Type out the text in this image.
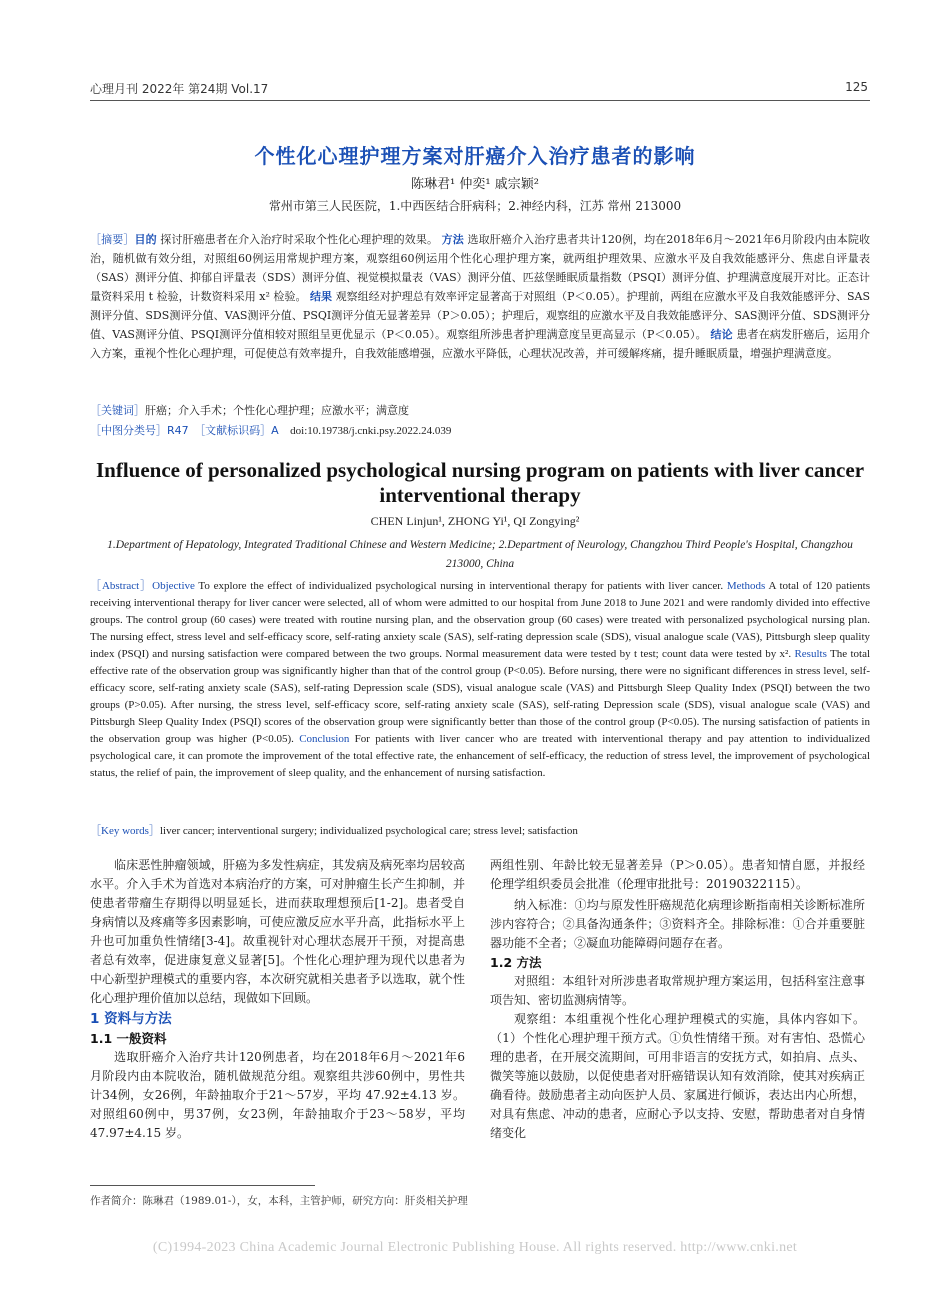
心理月刊 2022年 第24期 Vol.17	125
个性化心理护理方案对肝癌介入治疗患者的影响
陈琳君¹ 仲奕¹ 戚宗颖²
常州市第三人民医院，1.中西医结合肝病科；2.神经内科，江苏 常州 213000
［摘要］目的 探讨肝癌患者在介入治疗时采取个性化心理护理的效果。 方法 选取肝癌介入治疗患者共计120例，均在2018年6月～2021年6月阶段内由本院收治，随机做有效分组，对照组60例运用常规护理方案，观察组60例运用个性化心理护理方案，就两组护理效果、应激水平及自我效能感评分、焦虑自评量表（SAS）测评分值、抑郁自评量表（SDS）测评分值、视觉模拟量表（VAS）测评分值、匹兹堡睡眠质量指数（PSQI）测评分值、护理满意度展开对比。正态计量资料采用 t 检验，计数资料采用 x² 检验。 结果 观察组经对护理总有效率评定显著高于对照组（P＜0.05）。护理前，两组在应激水平及自我效能感评分、SAS测评分值、SDS测评分值、VAS测评分值、PSQI测评分值无显著差异（P＞0.05）；护理后，观察组的应激水平及自我效能感评分、SAS测评分值、SDS测评分值、VAS测评分值、PSQI测评分值相较对照组呈更优显示（P＜0.05）。观察组所涉患者护理满意度呈更高显示（P＜0.05）。 结论 患者在病发肝癌后，运用介入方案，重视个性化心理护理，可促使总有效率提升，自我效能感增强，应激水平降低，心理状况改善，并可缓解疼痛，提升睡眠质量，增强护理满意度。
［关键词］肝癌；介入手术；个性化心理护理；应激水平；满意度
［中图分类号］R47　［文献标识码］A doi:10.19738/j.cnki.psy.2022.24.039
Influence of personalized psychological nursing program on patients with liver cancer interventional therapy
CHEN Linjun¹, ZHONG Yi¹, QI Zongying²
1.Department of Hepatology, Integrated Traditional Chinese and Western Medicine; 2.Department of Neurology, Changzhou Third People's Hospital, Changzhou 213000, China
［Abstract］Objective To explore the effect of individualized psychological nursing in interventional therapy for patients with liver cancer. Methods A total of 120 patients receiving interventional therapy for liver cancer were selected, all of whom were admitted to our hospital from June 2018 to June 2021 and were randomly divided into effective groups. The control group (60 cases) were treated with routine nursing plan, and the observation group (60 cases) were treated with personalized psychological nursing plan. The nursing effect, stress level and self-efficacy score, self-rating anxiety scale (SAS), self-rating depression scale (SDS), visual analogue scale (VAS), Pittsburgh sleep quality index (PSQI) and nursing satisfaction were compared between the two groups. Normal measurement data were tested by t test; count data were tested by x². Results The total effective rate of the observation group was significantly higher than that of the control group (P<0.05). Before nursing, there were no significant differences in stress level, self-efficacy score, self-rating anxiety scale (SAS), self-rating Depression scale (SDS), visual analogue scale (VAS) and Pittsburgh Sleep Quality Index (PSQI) between the two groups (P>0.05). After nursing, the stress level, self-efficacy score, self-rating anxiety scale (SAS), self-rating Depression scale (SDS), visual analogue scale (VAS) and Pittsburgh Sleep Quality Index (PSQI) scores of the observation group were significantly better than those of the control group (P<0.05). The nursing satisfaction of patients in the observation group was higher (P<0.05). Conclusion For patients with liver cancer who are treated with interventional therapy and pay attention to individualized psychological care, it can promote the improvement of the total effective rate, the enhancement of self-efficacy, the reduction of stress level, the improvement of psychological status, the relief of pain, the improvement of sleep quality, and the enhancement of nursing satisfaction.
［Key words］liver cancer; interventional surgery; individualized psychological care; stress level; satisfaction
临床恶性肿瘤领域，肝癌为多发性病症，其发病及病死率均居较高水平。介入手术为首选对本病治疗的方案，可对肿瘤生长产生抑制，并使患者带瘤生存期得以明显延长，进而获取理想预后[1-2]。患者受自身病情以及疼痛等多因素影响，可使应激反应水平升高，此指标水平上升也可加重负性情绪[3-4]。故重视针对心理状态展开干预，对提高患者总有效率，促进康复意义显著[5]。个性化心理护理为现代以患者为中心新型护理模式的重要内容，本次研究就相关患者予以选取，就个性化心理护理价值加以总结，现做如下回顾。
1 资料与方法
1.1 一般资料
选取肝癌介入治疗共计120例患者，均在2018年6月～2021年6月阶段内由本院收治，随机做规范分组。观察组共涉60例中，男性共计34例，女26例，年龄抽取介于21～57岁，平均 47.92±4.13 岁。对照组60例中，男37例，女23例，年龄抽取介于23～58岁，平均 47.97±4.15 岁。
两组性别、年龄比较无显著差异（P＞0.05）。患者知情自愿，并报经伦理学组织委员会批准（伦理审批批号：20190322115）。
纳入标准：①均与原发性肝癌规范化病理诊断指南相关诊断标准所涉内容符合；②具备沟通条件；③资料齐全。排除标准：①合并重要脏器功能不全者；②凝血功能障碍问题存在者。
1.2 方法
对照组：本组针对所涉患者取常规护理方案运用，包括科室注意事项告知、密切监测病情等。
观察组：本组重视个性化心理护理模式的实施，具体内容如下。（1）个性化心理护理干预方式。①负性情绪干预。对有害怕、恐慌心理的患者，在开展交流期间，可用非语言的安抚方式，如拍肩、点头、微笑等施以鼓励，以促使患者对肝癌错误认知有效消除，使其对疾病正确看待。鼓励患者主动向医护人员、家属进行倾诉，表达出内心所想，对具有焦虑、冲动的患者，应耐心予以支持、安慰，帮助患者对自身情绪变化
作者简介：陈琳君（1989.01-），女，本科，主管护师，研究方向：肝炎相关护理
(C)1994-2023 China Academic Journal Electronic Publishing House. All rights reserved. http://www.cnki.net
